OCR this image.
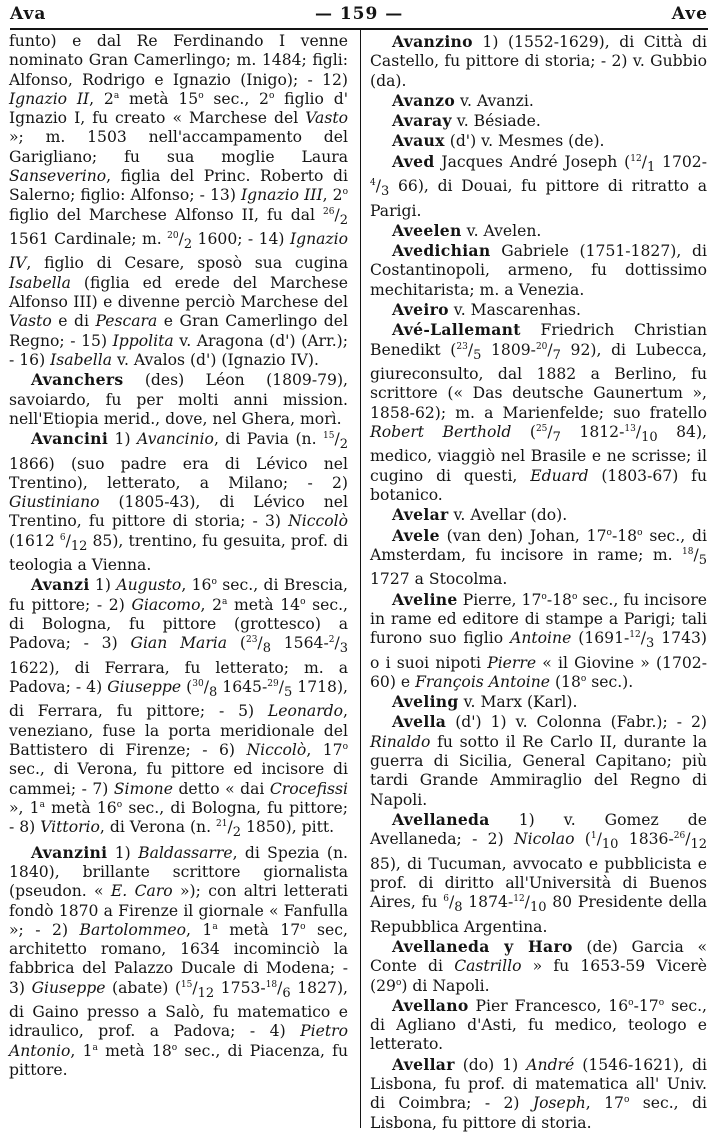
Ava	— 159 —	Ave

funto) e dal Re Ferdinando I venne nominato Gran Camerlingo; m. 1484; figli: Alfonso, Rodrigo e Ignazio (Inigo); - 12) Ignazio II, 2$^a$ metà 15$^o$ sec., 2$^o$ figlio d' Ignazio I, fu creato « Marchese del Vasto »; m. 1503 nell'accampamento del Garigliano; fu sua moglie Laura Sanseverino, figlia del Princ. Roberto di Salerno; figlio: Alfonso; - 13) Ignazio III, 2$^o$ figlio del Marchese Alfonso II, fu dal $^{26}/_2$ 1561 Cardinale; m. $^{20}/_2$ 1600; - 14) Ignazio IV, figlio di Cesare, sposò sua cugina Isabella (figlia ed erede del Marchese Alfonso III) e divenne perciò Marchese del Vasto e di Pescara e Gran Camerlingo del Regno; - 15) Ippolita v. Aragona (d') (Arr.); - 16) Isabella v. Avalos (d') (Ignazio IV).

Avanchers (des) Léon (1809-79), savoiardo, fu per molti anni mission. nell'Etiopia merid., dove, nel Ghera, morì.

Avancini 1) Avancinio, di Pavia (n. $^{15}/_2$ 1866) (suo padre era di Lévico nel Trentino), letterato, a Milano; - 2) Giustiniano (1805-43), di Lévico nel Trentino, fu pittore di storia; - 3) Niccolò (1612 $^6/_{12}$ 85), trentino, fu gesuita, prof. di teologia a Vienna.

Avanzi 1) Augusto, 16$^o$ sec., di Brescia, fu pittore; - 2) Giacomo, 2$^a$ metà 14$^o$ sec., di Bologna, fu pittore (grottesco) a Padova; - 3) Gian Maria ($^{23}/_8$ $1564-^2/_3$ 1622), di Ferrara, fu letterato; m. a Padova; - 4) Giuseppe ($^{30}/_8$ $1645-^{29}/_5$ 1718), di Ferrara, fu pittore; - 5) Leonardo, veneziano, fuse la porta meridionale del Battistero di Firenze; - 6) Niccolò, 17$^o$ sec., di Verona, fu pittore ed incisore di cammei; - 7) Simone detto « dai Crocefissi », 1$^a$ metà 16$^o$ sec., di Bologna, fu pittore; - 8) Vittorio, di Verona (n. $^{21}/_2$ 1850), pitt.

Avanzini 1) Baldassarre, di Spezia (n. 1840), brillante scrittore giornalista (pseudon. « E. Caro »); con altri letterati fondò 1870 a Firenze il giornale « Fanfulla »; - 2) Bartolommeo, 1$^a$ metà 17$^o$ sec, architetto romano, 1634 incominciò la fabbrica del Palazzo Ducale di Modena; - 3) Giuseppe (abate) ($^{15}/_{12}$ $1753-^{18}/_6$ 1827), di Gaino presso a Salò, fu matematico e idraulico, prof. a Padova; - 4) Pietro Antonio, 1$^a$ metà 18$^o$ sec., di Piacenza, fu pittore.

Avanzino 1) (1552-1629), di Città di Castello, fu pittore di storia; - 2) v. Gubbio (da).

Avanzo v. Avanzi.

Avaray v. Bésiade.

Avaux (d') v. Mesmes (de).

Aved Jacques André Joseph ($^{12}/_1$ $1702-^4/_3$ 66), di Douai, fu pittore di ritratto a Parigi.

Aveelen v. Avelen.

Avedichian Gabriele (1751-1827), di Costantinopoli, armeno, fu dottissimo mechitarista; m. a Venezia.

Aveiro v. Mascarenhas.

Avé-Lallemant Friedrich Christian Benedikt ($^{23}/_5$ $1809-^{20}/_7$ 92), di Lubecca, giureconsulto, dal 1882 a Berlino, fu scrittore (« Das deutsche Gaunertum », 1858-62); m. a Marienfelde; suo fratello Robert Berthold ($^{25}/_7$ $1812-^{13}/_{10}$ 84), medico, viaggiò nel Brasile e ne scrisse; il cugino di questi, Eduard (1803-67) fu botanico.

Avelar v. Avellar (do).

Avele (van den) Johan, 17$^o$-18$^o$ sec., di Amsterdam, fu incisore in rame; m. $^{18}/_5$ 1727 a Stocolma.

Aveline Pierre, 17$^o$-18$^o$ sec., fu incisore in rame ed editore di stampe a Parigi; tali furono suo figlio Antoine ($1691-^{12}/_3$ 1743) o i suoi nipoti Pierre « il Giovine » (1702-60) e François Antoine (18$^o$ sec.).

Aveling v. Marx (Karl).

Avella (d') 1) v. Colonna (Fabr.); - 2) Rinaldo fu sotto il Re Carlo II, durante la guerra di Sicilia, General Capitano; più tardi Grande Ammiraglio del Regno di Napoli.

Avellaneda 1) v. Gomez de Avellaneda; - 2) Nicolao ($^1/_{10}$ $1836-^{26}/_{12}$ 85), di Tucuman, avvocato e pubblicista e prof. di diritto all'Università di Buenos Aires, fu $^6/_8$ $1874-^{12}/_{10}$ 80 Presidente della Repubblica Argentina.

Avellaneda y Haro (de) Garcia « Conte di Castrillo » fu 1653-59 Vicerè (29$^o$) di Napoli.

Avellano Pier Francesco, 16$^o$-17$^o$ sec., di Agliano d'Asti, fu medico, teologo e letterato.

Avellar (do) 1) André (1546-1621), di Lisbona, fu prof. di matematica all' Univ. di Coimbra; - 2) Joseph, 17$^o$ sec., di Lisbona, fu pittore di storia.
